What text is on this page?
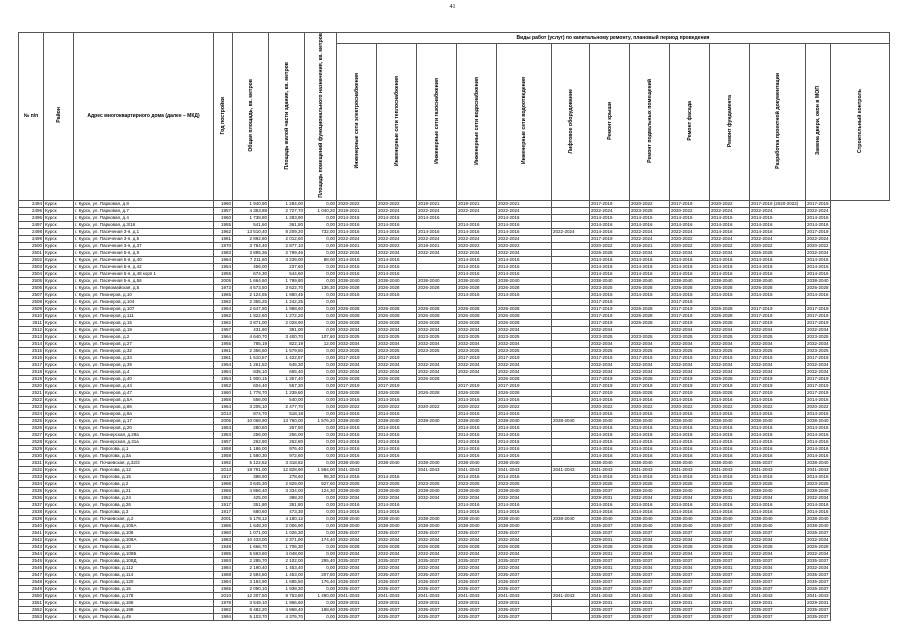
41
№ п/п	Район	Адрес многоквартирного дома (далее – МКД)	Год постройки	Общая площадь, кв. метров	Площадь жилой части здания, кв. метров	Площадь помещений функционального назначения, кв. метров	Виды работ (услуг) по капитальному ремонту, плановый период проведения												
							Инженерные сети электроснабжения	Инженерные сети теплоснабжения	Инженерные сети газоснабжения	Инженерные сети водоснабжения	Инженерные сети водоотведения	Лифтовое оборудование	Ремонт крыши	Ремонт подвальных помещений	Ремонт фасада	Ремонт фундамента	Разработка проектной документации	Замена двери, окон в МОП	Строительный контроль
2494	Курск	г. Курск, ул. Парковая, д.8	1960	1 940,90	1 284,00	0,00	2020-2022	2020-2022	2019-2021	2019-2021	2020-2021		2017-2019	2020-2022	2017-2019	2020-2022	2017-2019 (2020-2022)	2017-2019	
2495	Курск	г. Курск, ул. Парковая, д.7	1957	4 353,88	2 727,70	1 040,20	2019-2021	2022-2024	2022-2024	2022-2024	2022-2024		2022-2024	2023-2025	2020-2022	2022-2024	2022-2024	2022-2024	
2496	Курск	г. Курск, ул. Парковая, д.4	1960	1 738,80	1 283,90	0,00	2014-2016	2014-2016	2014-2016		2014-2016		2014-2016	2014-2016	2014-2016	2014-2016	2014-2016	2014-2016	
2497	Курск	г. Курск, ул. Парковая, д.3/16	1955	541,60	361,80	0,00	2014-2016	2014-2016		2014-2016	2014-2016		2014-2016	2014-2016	2014-2016	2014-2016	2014-2016	2014-2016	
2498	Курск	г. Курск, ул. Пасеченая 3-я, д.1	1962	13 510,40	8 209,20	732,00	2014-2016	2014-2016	2014-2016	2014-2016	2014-2016	2022-2024	2014-2016	2022-2024	2022-2024	2014-2016	2014-2016	2017-2019	
2499	Курск	г. Курск, ул. Пасеченая 3-я, д.5	1981	2 892,80	2 012,60	0,00	2022-2024	2022-2024	2022-2024	2022-2024	2022-2024		2017-2019	2022-2024	2020-2022	2022-2024	2022-2024	2022-2024	
2500	Курск	г. Курск, ул. Пасеченая 3-я, д.37	1970	3 784,40	2 877,10	0,00	2019-2021	2020-2022	2019-2021	2020-2022	2020-2022		2020-2022	2019-2021	2020-2022	2020-2022	2020-2022	2020-2022	
2501	Курск	г. Курск, ул. Пасеченая 5-я, д.9	1983	3 895,36	2 799,46	0,00	2032-2034	2032-2034	2032-2034	2032-2034	2032-2034		2026-2028	2032-2034	2032-2034	2032-2034	2026-2028	2032-2034	
2502	Курск	г. Курск, ул. Пасеченая 5-я, д.40	1964	7 211,60	3 239,00	88,00	2014-2016	2014-2016		2014-2016	2014-2016		2014-2016	2014-2016	2014-2016	2014-2016	2014-2016	2014-2016	
2503	Курск	г. Курск, ул. Пасеченая 5-я, д.42	1954	456,00	237,60	0,00	2014-2016	2014-2016		2014-2016	2014-2016		2014-2016	2014-2016	2014-2016	2014-2016	2014-2016	2014-2016	
2504	Курск	г. Курск, ул. Пасеченая 5-я, д.48 корп 1	1955	674,30	544,60	0,00	2014-2016	2014-2016		2014-2016	2014-2016		2014-2016	2014-2016	2014-2016	2014-2016	2014-2016	2014-2016	
2505	Курск	г. Курск, ул. Пасеченая 5-я, д.56	2005	1 664,60	1 799,80	0,00	2038-2040	2038-2040	2038-2040	2038-2040	2038-2040		2038-2040	2038-2040	2038-2040	2038-2040	2038-2040	2038-2040	
2506	Курск	г. Курск, ул. Первомайская, д.5	1973	4 573,50	3 622,70	136,30	2026-2028	2026-2028	2026-2028	2026-2028	2026-2028		2023-2025	2026-2028	2026-2028	2026-2028	2026-2028	2026-2028	
2507	Курск	г. Курск, ул. Пионеров, д.10	1965	2 124,55	1 880,45	0,00	2014-2016	2014-2016		2014-2016	2014-2016		2014-2016	2014-2016	2014-2016	2014-2016	2014-2016	2014-2016	
2508	Курск	г. Курск, ул. Пионеров, д.104	1962	2 355,25	1 242,25	0,00							2017-2019		2017-2019				
2509	Курск	г. Курск, ул. Пионеров, д.107	1964	2 647,80	1 988,60	0,00	2026-2028	2026-2028	2026-2028	2026-2028	2026-2028		2017-2019	2026-2028	2017-2019	2026-2028	2017-2019	2017-2019	
2510	Курск	г. Курск, ул. Пионеров, д.111	1962	1 822,60	1 272,20	0,00	2026-2028	2026-2028	2026-2028	2026-2028	2026-2028		2017-2019	2026-2028	2017-2019	2026-2028	2017-2019	2017-2019	
2511	Курск	г. Курск, ул. Пионеров, д.15	1962	3 871,00	2 028,90	0,00	2026-2028	2026-2028	2026-2028	2026-2028	2026-2028		2017-2019	2026-2028	2017-2019	2026-2028	2017-2019	2017-2019	
2512	Курск	г. Курск, ул. Пионеров, д.19	1957	431,60	391,00	0,00	2032-2034	2032-2034	2032-2034	2032-2034	2032-2034		2032-2034		2032-2034	2032-2034	2032-2034	2032-2034	
2513	Курск	г. Курск, ул. Пионеров, д.2	1964	4 640,70	3 400,70	107,60	2023-2025	2023-2025	2023-2025	2023-2025	2023-2025		2023-2025	2023-2025	2023-2025	2023-2025	2023-2025	2023-2025	
2514	Курск	г. Курск, ул. Пионеров, д.27	1955	785,19	822,19	12,00	2032-2034	2032-2034	2032-2034	2032-2034	2032-2034		2032-2034	2032-2034	2032-2034	2032-2034	2032-2034	2032-2034	
2515	Курск	г. Курск, ул. Пионеров, д.32	1961	2 356,50	1 579,50	0,00	2023-2025	2023-2025	2023-2025	2023-2025	2023-2025		2023-2025	2023-2025	2023-2025	2023-2025	2023-2025	2023-2025	
2516	Курск	г. Курск, ул. Пионеров, д.34	1961	1 510,57	1 422,57	0,00	2017-2019	2017-2019		2017-2019	2017-2019		2017-2019	2017-2019	2017-2019	2017-2019	2017-2019	2017-2019	
2517	Курск	г. Курск, ул. Пионеров, д.39	1954	1 261,52	645,30	0,00	2032-2034	2032-2034	2032-2034	2032-2034	2032-2034		2032-2034	2032-2034	2032-2034	2032-2034	2032-2034	2032-2034	
2518	Курск	г. Курск, ул. Пионеров, д.4	1954	835,10	655,40	0,00	2032-2034	2032-2034	2032-2034	2032-2034	2032-2034		2032-2034	2032-2034	2032-2034	2032-2034	2032-2034	2032-2034	
2519	Курск	г. Курск, ул. Пионеров, д.40	1954	1 900,15	1 357,40	0,00	2026-2028	2026-2028	2026-2028		2026-2028		2017-2019	2026-2028	2017-2019	2026-2028	2017-2019	2017-2019	
2520	Курск	г. Курск, ул. Пионеров, д.44	1952	604,40	557,30	0,00	2017-2019	2017-2019		2017-2019	2017-2019		2017-2019	2017-2019	2017-2019	2017-2019	2017-2019	2017-2019	
2521	Курск	г. Курск, ул. Пионеров, д.47	1960	1 778,70	1 239,60	0,00	2026-2028	2026-2028	2026-2028	2026-2028	2026-2028		2017-2019	2026-2028	2017-2019	2026-2028	2017-2019	2017-2019	
2522	Курск	г. Курск, ул. Пионеров, д.5А	1958	556,00	540,00	0,00	2014-2016	2014-2016		2014-2016	2014-2016		2014-2016	2014-2016	2014-2016	2014-2016	2014-2016	2014-2016	
2523	Курск	г. Курск, ул. Пионеров, д.86	1964	3 205,10	2 477,70	0,00	2020-2022	2020-2022	2020-2022	2020-2022	2020-2022		2020-2022	2020-2022	2020-2022	2020-2022	2020-2022	2020-2022	
2524	Курск	г. Курск, ул. Пионеров, д.9а	2013	874,70	518,18	0,00	2014-2016	2014-2016		2014-2016	2014-2016		2014-2016	2014-2016	2014-2016	2014-2016	2014-2016	2014-2016	
2525	Курск	г. Курск, ул. Пионеров, д.17	2005	10 068,90	13 760,00	1 576,20	2038-2040	2038-2040	2038-2040	2038-2040	2038-2040	2038-2040	2038-2040	2038-2040	2038-2040	2038-2040	2038-2040	2038-2040	
2526	Курск	г. Курск, ул. Пионеров, д.20	1953	280,60	257,50	0,00	2014-2016	2014-2016		2014-2016	2014-2016		2014-2016	2014-2016	2014-2016	2014-2016	2014-2016	2014-2016	
2527	Курск	г. Курск, ул. Пионерская, д.29а	1953	256,00	256,00	0,00	2014-2016	2014-2016		2014-2016	2014-2016		2014-2016	2014-2016	2014-2016	2014-2016	2014-2016	2014-2016	
2528	Курск	г. Курск, ул. Пионерская, д.31а	1957	262,80	262,80	0,00	2014-2016	2014-2016		2014-2016	2014-2016		2014-2016	2014-2016	2014-2016	2014-2016	2014-2016	2014-2016	
2529	Курск	г. Курск, ул. Пирогова, д.1	1958	1 186,00	976,40	0,00	2014-2016	2014-2016		2014-2016	2014-2016		2014-2016	2014-2016	2014-2016	2014-2016	2014-2016	2014-2016	
2530	Курск	г. Курск, ул. Пирогова, д.3а	1958	1 580,30	972,60	0,00	2014-2016	2014-2016		2014-2016	2014-2016		2014-2016	2014-2016	2014-2016	2014-2016	2014-2016	2014-2016	
2531	Курск	г. Курск, ул. Почаевская, д.32/3	1992	5 122,62	3 318,82	0,00	2038-2040	2038-2040	2038-2040	2038-2040	2038-2040		2038-2040	2038-2040	2038-2040	2038-2040	2035-2037	2038-2040	
2532	Курск	г. Курск, ул. Пирогова, д.12	2013	18 791,00	12 828,90	1 584,00	2041-2043		2041-2043	2041-2043	2041-2043	2041-2043	2041-2043	2041-2043	2041-2043	2041-2043	2041-2043	2041-2043	
2533	Курск	г. Курск, ул. Пирогова, д.15	1917	388,90	278,60	95,30	2014-2016	2014-2016		2014-2016	2014-2016		2014-2016	2014-2016	2014-2016	2014-2016	2014-2016	2014-2016	
2534	Курск	г. Курск, ул. Пирогова, д.2	1968	3 645,30	2 829,00	527,60	2023-2025	2023-2025	2023-2025	2023-2025	2023-2025		2023-2025	2023-2025	2023-2025	2023-2025	2023-2025	2023-2025	
2535	Курск	г. Курск, ул. Пирогова, д.21	1966	4 866,40	3 334,00	124,30	2038-2040	2038-2040	2038-2040	2038-2040	2038-2040		2035-2037	2038-2040	2038-2040	2038-2040	2038-2040	2038-2040	
2536	Курск	г. Курск, ул. Пирогова, д.24	1952	425,00	388,20	0,00	2032-2034	2032-2034	2032-2034	2032-2034	2032-2034		2029-2031	2032-2034	2032-2034	2029-2031	2032-2034	2032-2034	
2537	Курск	г. Курск, ул. Пирогова, д.26	1917	351,80	351,80	0,00	2014-2016	2014-2016		2014-2016	2014-2016		2014-2016	2014-2016	2014-2016	2014-2016	2014-2016	2014-2016	
2538	Курск	г. Курск, ул. Пирогова, д.3	1917	680,60	473,30	0,00	2014-2016	2014-2016		2014-2016	2014-2016		2014-2016	2014-2016	2014-2016	2014-2016	2014-2016	2014-2016	
2539	Курск	г. Курск, ул. Почаевская, д.2	2001	5 178,12	4 180,12	0,00	2038-2040	2038-2040	2038-2040	2038-2040	2038-2040	2038-2040	2038-2040	2038-2040	2038-2040	2038-2040	2038-2040	2038-2040	
2540	Курск	г. Курск, ул. Пирогова, д.105А	1986	1 648,20	2 006,90	0,00	2038-2040	2038-2040	2038-2040	2038-2040	2038-2040		2035-2037	2038-2040	2038-2040	2035-2037	2038-2040	2038-2040	
2541	Курск	г. Курск, ул. Пирогова, д.108	1980	1 071,00	1 026,30	0,00	2035-2037	2035-2037	2035-2037	2035-2037	2035-2037		2035-2037	2035-2037	2035-2037	2035-2037	2035-2037	2035-2037	
2542	Курск	г. Курск, ул. Пирогова, д.108А	1983	10 433,00	2 371,90	174,40	2032-2034	2032-2034	2032-2034	2032-2034	2032-2034		2029-2031	2032-2034	2032-2034	2032-2034	2032-2034	2032-2034	
2543	Курск	г. Курск, ул. Пирогова, д.10	1948	1 666,70	1 706,30	0,00	2026-2028	2026-2028	2026-2028	2026-2028	2026-2028		2026-2028	2026-2028	2026-2028	2026-2028	2026-2028	2026-2028	
2544	Курск	г. Курск, ул. Пирогова, д.108Б	1985	5 563,60	4 048,00	0,00	2032-2034	2032-2034	2032-2034	2032-2034	2032-2034		2029-2031	2032-2034	2032-2034	2029-2031	2032-2034	2032-2034	
2545	Курск	г. Курск, ул. Пирогова, д.108Д	1993	2 285,70	2 102,00	295,40	2035-2037	2035-2037	2035-2037	2035-2037	2035-2037		2035-2037	2035-2037	2035-2037	2035-2037	2035-2037	2035-2037	
2546	Курск	г. Курск, ул. Пирогова, д.112	1984	2 190,40	1 453,40	0,00	2032-2034	2032-2034	2032-2034	2032-2034	2032-2034		2029-2031	2032-2034	2032-2034	2029-2031	2032-2034	2032-2034	
2547	Курск	г. Курск, ул. Пирогова, д.114	1988	2 594,50	1 453,00	207,50	2035-2037	2035-2037	2035-2037	2035-2037	2035-2037		2035-2037	2035-2037	2035-2037	2035-2037	2035-2037	2035-2037	
2548	Курск	г. Курск, ул. Пирогова, д.120	1994	3 184,90	1 685,50	176,40	2035-2037	2035-2037	2035-2037	2035-2037	2035-2037		2035-2037	2035-2037	2035-2037	2035-2037	2035-2037	2035-2037	
2549	Курск	г. Курск, ул. Пирогова, д.16	1965	2 090,10	1 938,30	0,00	2035-2037	2035-2037	2035-2037	2035-2037	2035-2037		2035-2037	2035-2037	2035-2037	2035-2037	2035-2037	2035-2037	
2550	Курск	г. Курск, ул. Пирогова, д.178	2010	12 207,50	9 753,80	1 490,00	2041-2043	2041-2043	2041-2043	2041-2043	2041-2043	2041-2043	2041-2043	2041-2043	2041-2043	2041-2043	2041-2043	2041-2043	
2551	Курск	г. Курск, ул. Пирогова, д.186	1978	3 549,10	1 966,60	0,00	2029-2031	2029-2031	2029-2031	2029-2031	2029-2031		2029-2031	2029-2031	2029-2031	2029-2031	2029-2031	2029-2031	
2552	Курск	г. Курск, ул. Пирогова, д.198	1982	8 482,20	4 868,40	188,60	2035-2037	2035-2037	2035-2037	2035-2037	2035-2037		2035-2037	2035-2037	2035-2037	2035-2037	2035-2037	2035-2037	
2553	Курск	г. Курск, ул. Пирогова, д.49	1994	5 103,70	4 376,70	0,00	2035-2037	2035-2037	2035-2037	2035-2037	2035-2037		2035-2037	2035-2037	2035-2037	2035-2037	2035-2037	2035-2037	
